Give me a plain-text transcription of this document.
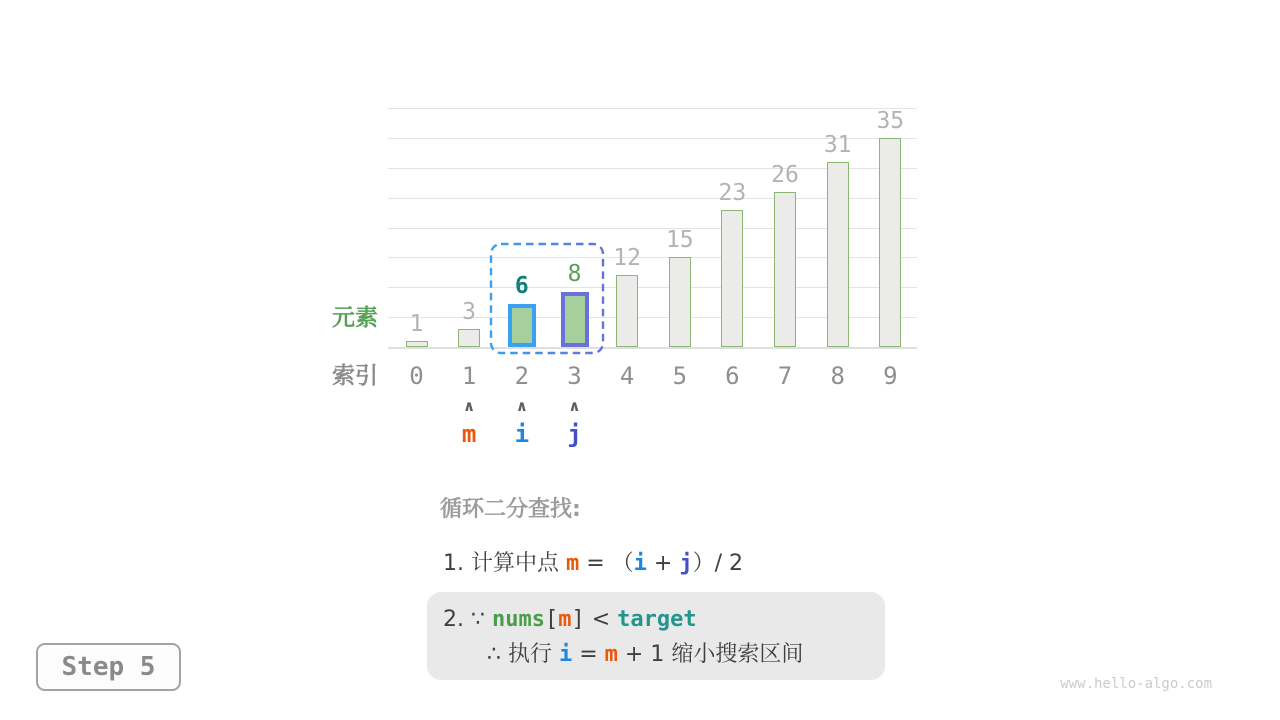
1
0
3
1
6
2
8
3
12
4
15
5
23
6
26
7
31
8
35
9
∧
m
∧
i
∧
j
元素
索引
循环二分查找:
1. 计算中点 m = （i + j）/ 2
2. ∵ nums[m] < target
∴ 执行 i = m + 1 缩小搜索区间
Step 5
www.hello-algo.com
